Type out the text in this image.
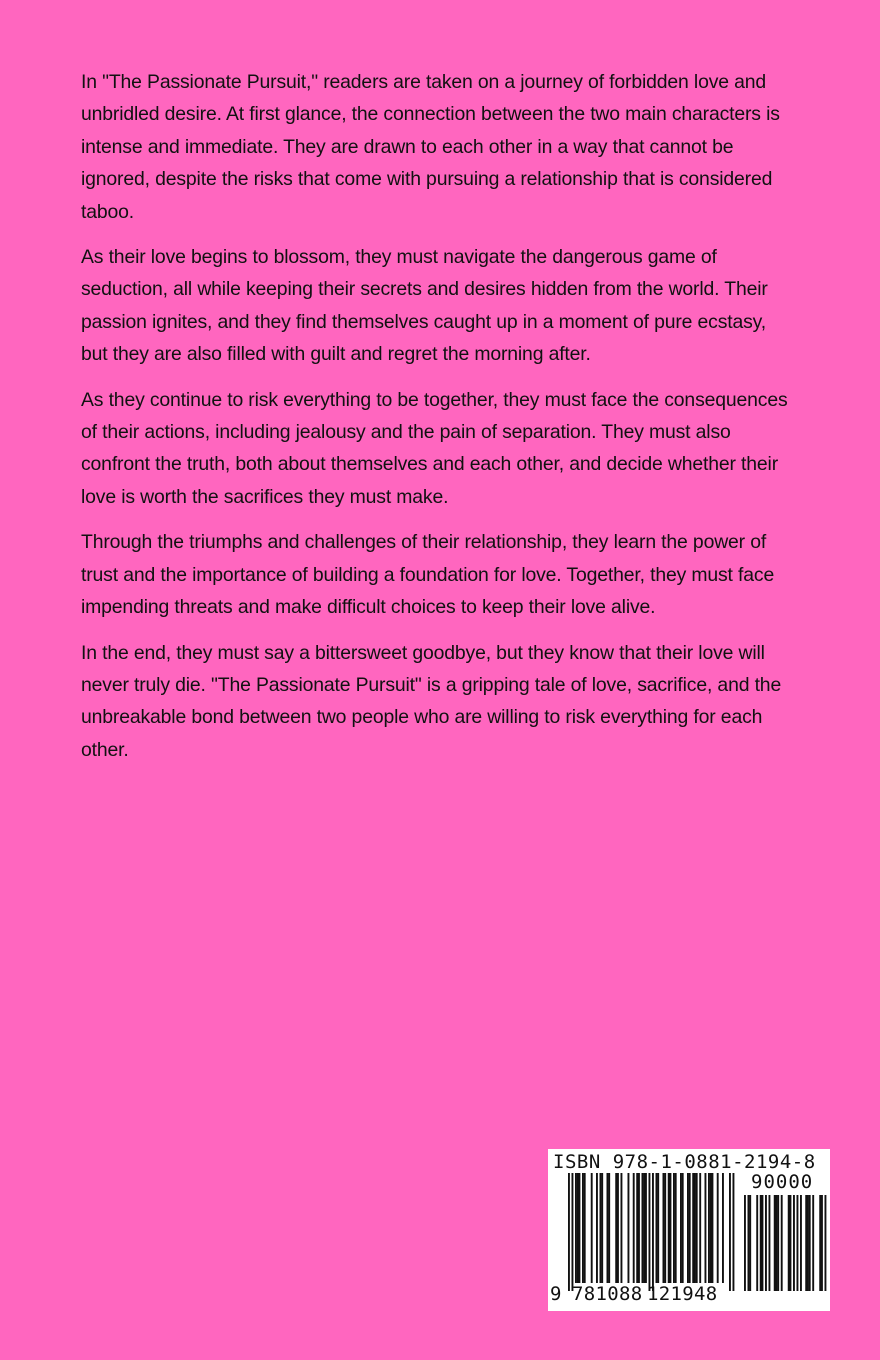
In "The Passionate Pursuit," readers are taken on a journey of forbidden love and unbridled desire. At first glance, the connection between the two main characters is intense and immediate. They are drawn to each other in a way that cannot be ignored, despite the risks that come with pursuing a relationship that is considered taboo.

As their love begins to blossom, they must navigate the dangerous game of seduction, all while keeping their secrets and desires hidden from the world. Their passion ignites, and they find themselves caught up in a moment of pure ecstasy, but they are also filled with guilt and regret the morning after.

As they continue to risk everything to be together, they must face the consequences of their actions, including jealousy and the pain of separation. They must also confront the truth, both about themselves and each other, and decide whether their love is worth the sacrifices they must make.

Through the triumphs and challenges of their relationship, they learn the power of trust and the importance of building a foundation for love. Together, they must face impending threats and make difficult choices to keep their love alive.

In the end, they must say a bittersweet goodbye, but they know that their love will never truly die. "The Passionate Pursuit" is a gripping tale of love, sacrifice, and the unbreakable bond between two people who are willing to risk everything for each other.

ISBN 978-1-0881-2194-8
90000
9 781088 121948
